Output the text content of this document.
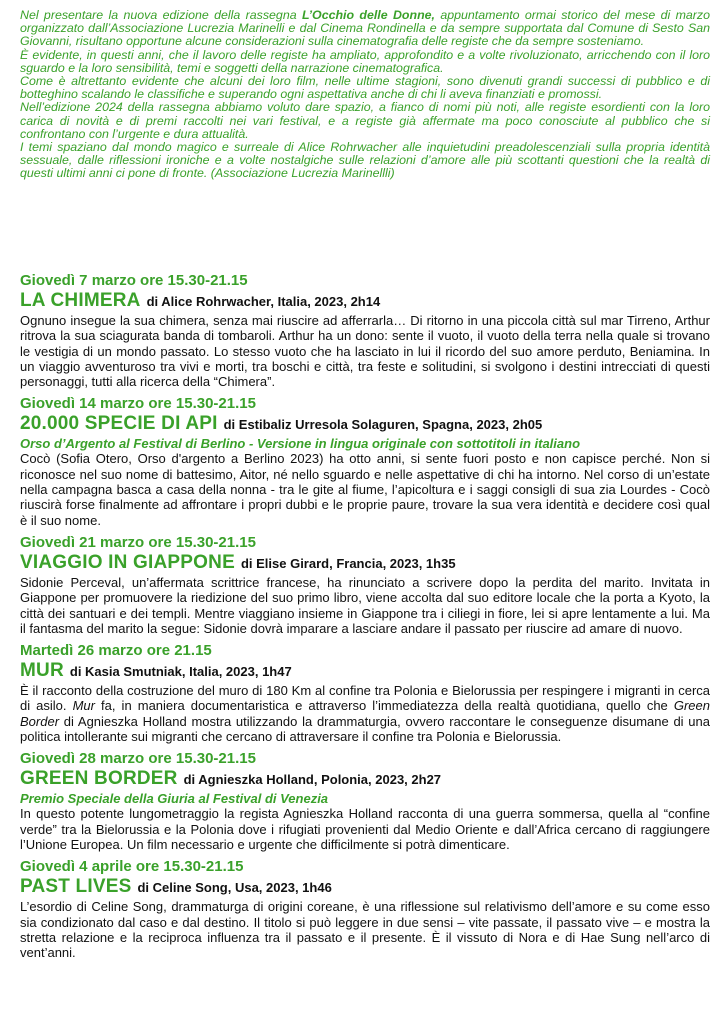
Nel presentare la nuova edizione della rassegna L’Occhio delle Donne, appuntamento ormai storico del mese di marzo organizzato dall’Associazione Lucrezia Marinelli e dal Cinema Rondinella e da sempre supportata dal Comune di Sesto San Giovanni, risultano opportune alcune considerazioni sulla cinematografia delle registe che da sempre sosteniamo.

È evidente, in questi anni, che il lavoro delle registe ha ampliato, approfondito e a volte rivoluzionato, arricchendo con il loro sguardo e la loro sensibilità, temi e soggetti della narrazione cinematografica.

Come è altrettanto evidente che alcuni dei loro film, nelle ultime stagioni, sono divenuti grandi successi di pubblico e di botteghino scalando le classifiche e superando ogni aspettativa anche di chi li aveva finanziati e promossi.

Nell’edizione 2024 della rassegna abbiamo voluto dare spazio, a fianco di nomi più noti, alle registe esordienti con la loro carica di novità e di premi raccolti nei vari festival, e a registe già affermate ma poco conosciute al pubblico che si confrontano con l’urgente e dura attualità.

I temi spaziano dal mondo magico e surreale di Alice Rohrwacher alle inquietudini preadolescenziali sulla propria identità sessuale, dalle riflessioni ironiche e a volte nostalgiche sulle relazioni d’amore alle più scottanti questioni che la realtà di questi ultimi anni ci pone di fronte. (Associazione Lucrezia Marinellli)

Giovedì 7 marzo ore 15.30-21.15
LA CHIMERA di Alice Rohrwacher, Italia, 2023, 2h14

Ognuno insegue la sua chimera, senza mai riuscire ad afferrarla… Di ritorno in una piccola città sul mar Tirreno, Arthur ritrova la sua sciagurata banda di tombaroli. Arthur ha un dono: sente il vuoto, il vuoto della terra nella quale si trovano le vestigia di un mondo passato. Lo stesso vuoto che ha lasciato in lui il ricordo del suo amore perduto, Beniamina. In un viaggio avventuroso tra vivi e morti, tra boschi e città, tra feste e solitudini, si svolgono i destini intrecciati di questi personaggi, tutti alla ricerca della “Chimera”.

Giovedì 14 marzo ore 15.30-21.15
20.000 SPECIE DI API di Estibaliz Urresola Solaguren, Spagna, 2023, 2h05
Orso d’Argento al Festival di Berlino - Versione in lingua originale con sottotitoli in italiano

Cocò (Sofia Otero, Orso d'argento a Berlino 2023) ha otto anni, si sente fuori posto e non capisce perché. Non si riconosce nel suo nome di battesimo, Aitor, né nello sguardo e nelle aspettative di chi ha intorno. Nel corso di un’estate nella campagna basca a casa della nonna - tra le gite al fiume, l’apicoltura e i saggi consigli di sua zia Lourdes - Cocò riuscirà forse finalmente ad affrontare i propri dubbi e le proprie paure, trovare la sua vera identità e decidere così qual è il suo nome.

Giovedì 21 marzo ore 15.30-21.15
VIAGGIO IN GIAPPONE di Elise Girard, Francia, 2023, 1h35

Sidonie Perceval, un’affermata scrittrice francese, ha rinunciato a scrivere dopo la perdita del marito. Invitata in Giappone per promuovere la riedizione del suo primo libro, viene accolta dal suo editore locale che la porta a Kyoto, la città dei santuari e dei templi. Mentre viaggiano insieme in Giappone tra i ciliegi in fiore, lei si apre lentamente a lui. Ma il fantasma del marito la segue: Sidonie dovrà imparare a lasciare andare il passato per riuscire ad amare di nuovo.

Martedì 26 marzo ore 21.15
MUR di Kasia Smutniak, Italia, 2023, 1h47

È il racconto della costruzione del muro di 180 Km al confine tra Polonia e Bielorussia per respingere i migranti in cerca di asilo. Mur fa, in maniera documentaristica e attraverso l’immediatezza della realtà quotidiana, quello che Green Border di Agnieszka Holland mostra utilizzando la drammaturgia, ovvero raccontare le conseguenze disumane di una politica intollerante sui migranti che cercano di attraversare il confine tra Polonia e Bielorussia.

Giovedì 28 marzo ore 15.30-21.15
GREEN BORDER di Agnieszka Holland, Polonia, 2023, 2h27
Premio Speciale della Giuria al Festival di Venezia

In questo potente lungometraggio la regista Agnieszka Holland racconta di una guerra sommersa, quella al “confine verde” tra la Bielorussia e la Polonia dove i rifugiati provenienti dal Medio Oriente e dall’Africa cercano di raggiungere l’Unione Europea. Un film necessario e urgente che difficilmente si potrà dimenticare.

Giovedì 4 aprile ore 15.30-21.15
PAST LIVES di Celine Song, Usa, 2023, 1h46

L’esordio di Celine Song, drammaturga di origini coreane, è una riflessione sul relativismo dell’amore e su come esso sia condizionato dal caso e dal destino. Il titolo si può leggere in due sensi – vite passate, il passato vive – e mostra la stretta relazione e la reciproca influenza tra il passato e il presente. È il vissuto di Nora e di Hae Sung nell’arco di vent’anni.
